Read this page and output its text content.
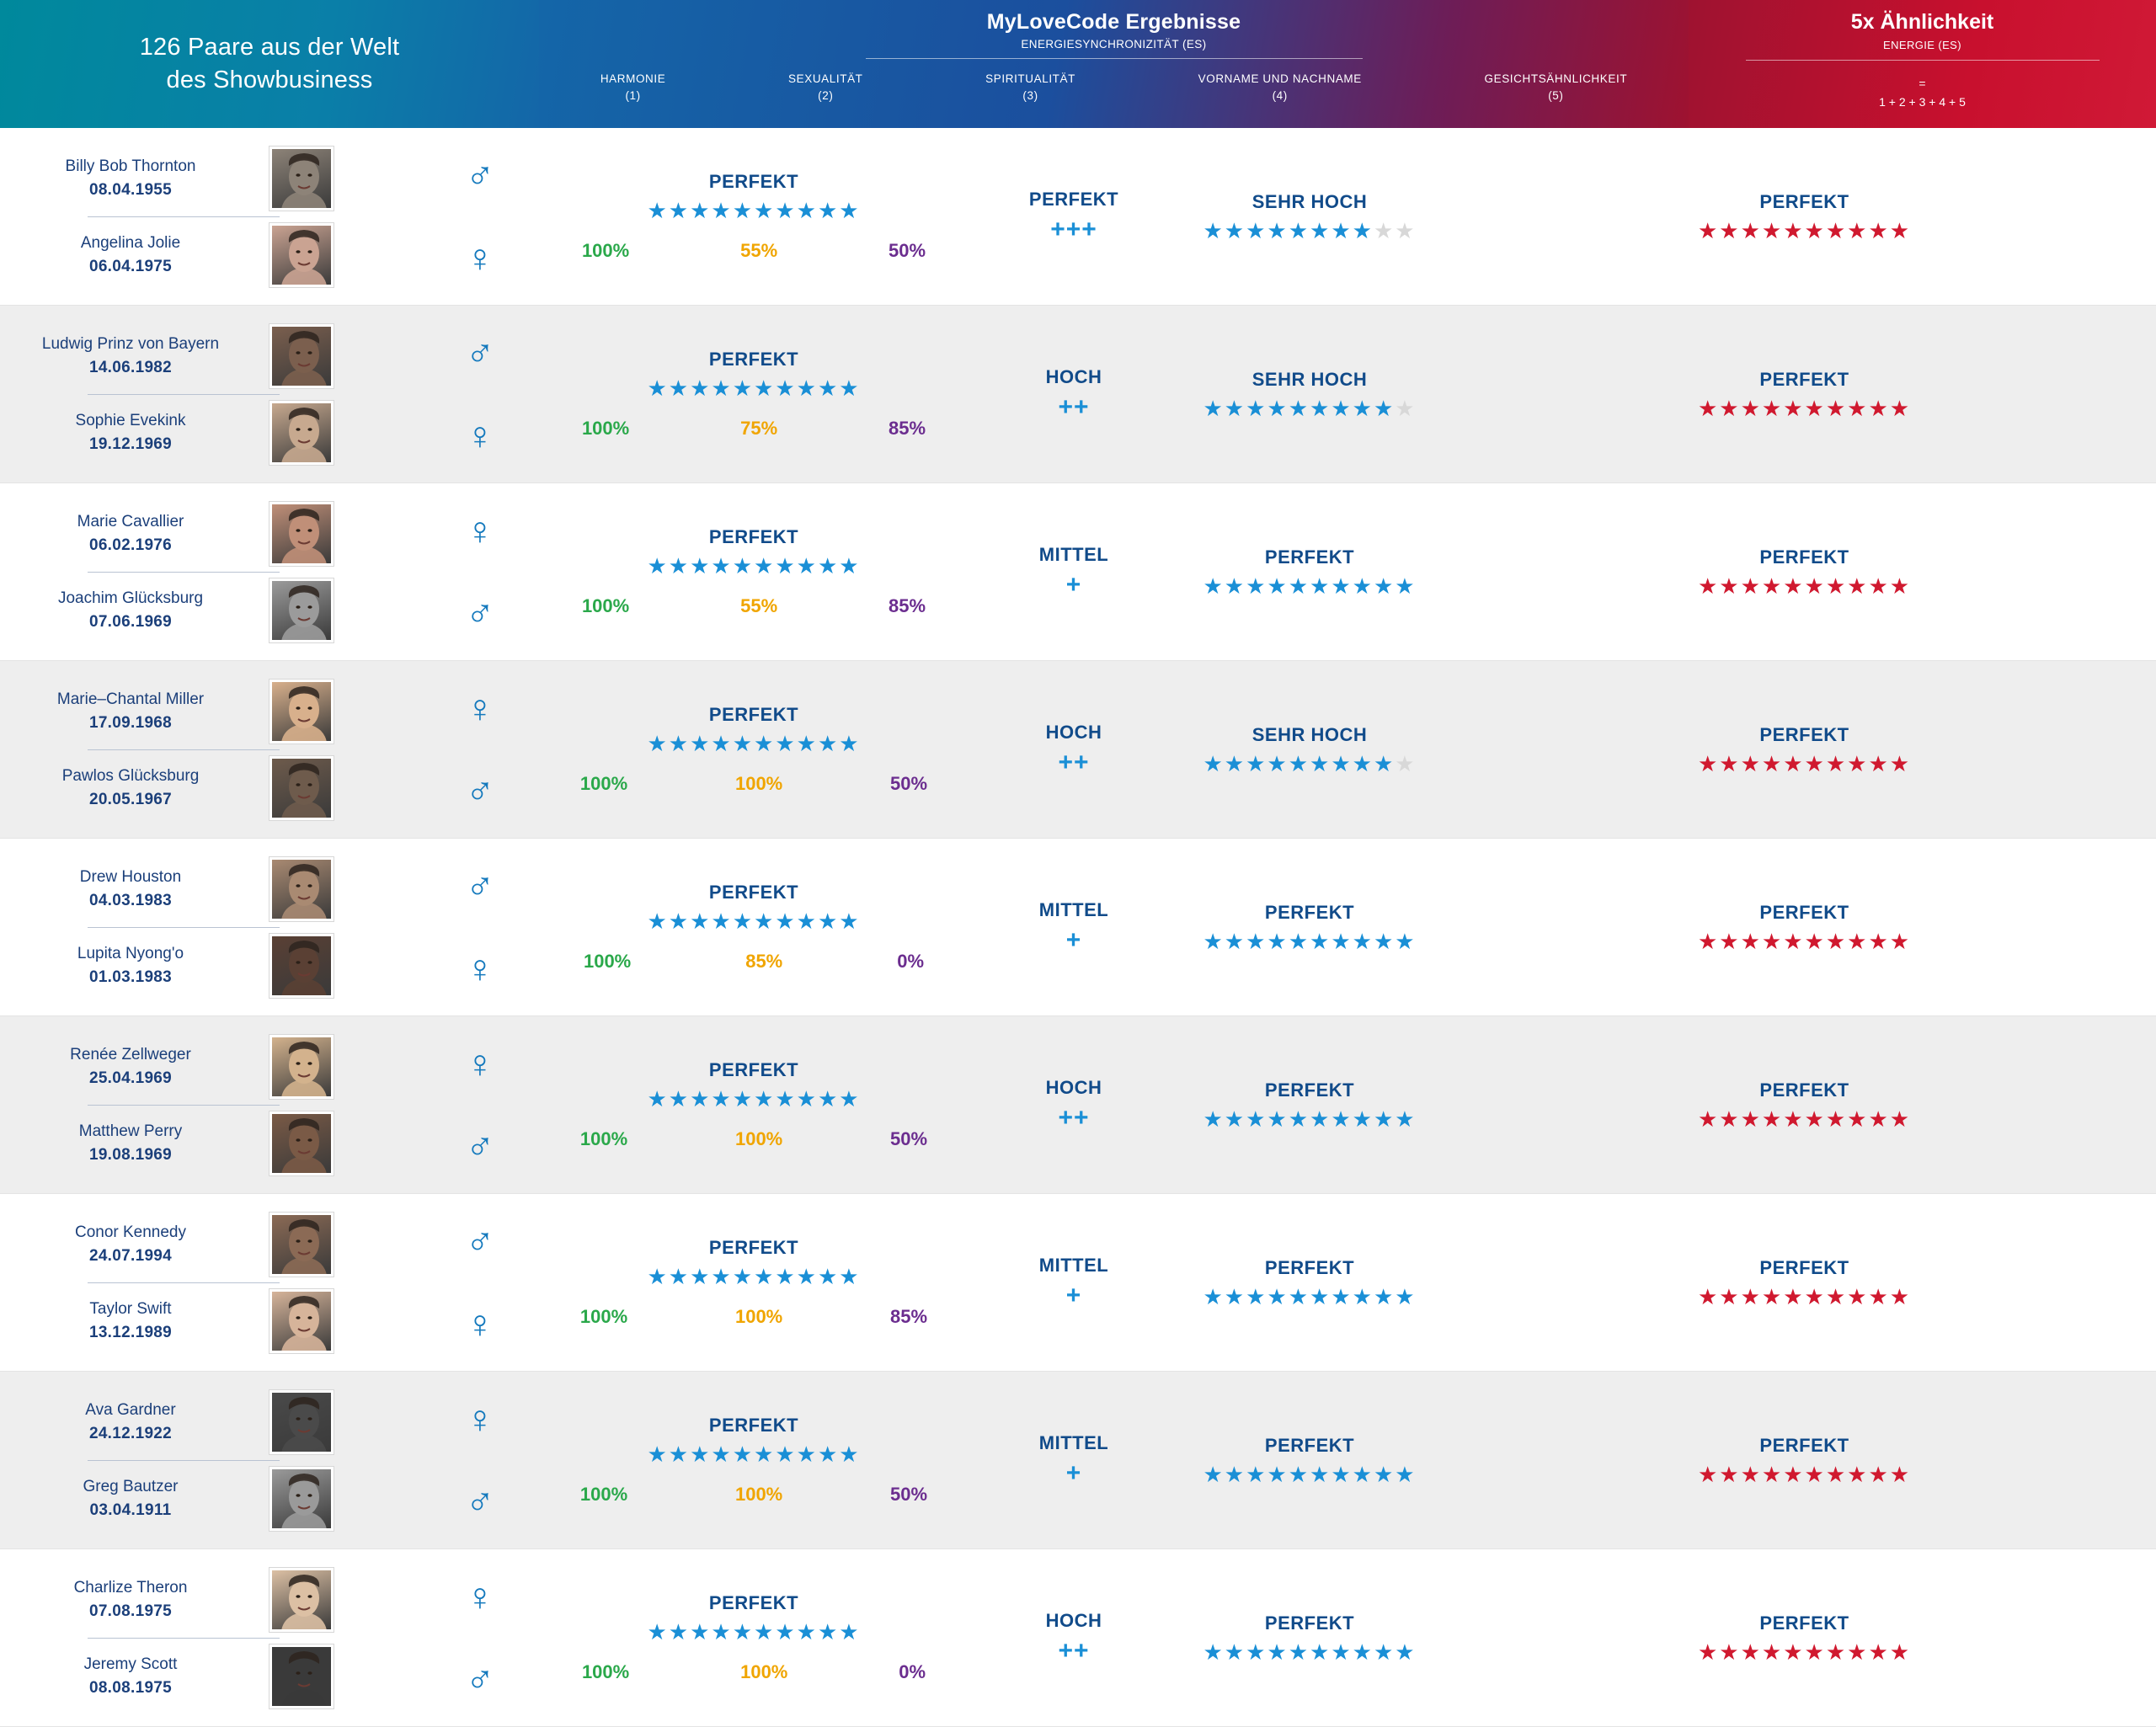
126 Paare aus der Welt
des Showbusiness
MyLoveCode Ergebnisse
ENERGIESYNCHRONIZITÄT (ES)
HARMONIE
(1)
SEXUALITÄT
(2)
SPIRITUALITÄT
(3)
VORNAME UND NACHNAME
(4)
GESICHTSÄHNLICHKEIT
(5)
5x Ähnlichkeit
ENERGIE (ES)
=
1 + 2 + 3 + 4 + 5
Billy Bob Thornton
08.04.1955
Angelina Jolie
06.04.1975
♂
♀
PERFEKT
★★★★★★★★★★
100%	55%	50%
PERFEKT
+++
SEHR HOCH
★★★★★★★★★★
PERFEKT
★★★★★★★★★★
Ludwig Prinz von Bayern
14.06.1982
Sophie Evekink
19.12.1969
♂
♀
PERFEKT
★★★★★★★★★★
100%	75%	85%
HOCH
++
SEHR HOCH
★★★★★★★★★★
PERFEKT
★★★★★★★★★★
Marie Cavallier
06.02.1976
Joachim Glücksburg
07.06.1969
♀
♂
PERFEKT
★★★★★★★★★★
100%	55%	85%
MITTEL
+
PERFEKT
★★★★★★★★★★
PERFEKT
★★★★★★★★★★
Marie–Chantal Miller
17.09.1968
Pawlos Glücksburg
20.05.1967
♀
♂
PERFEKT
★★★★★★★★★★
100%	100%	50%
HOCH
++
SEHR HOCH
★★★★★★★★★★
PERFEKT
★★★★★★★★★★
Drew Houston
04.03.1983
Lupita Nyong'o
01.03.1983
♂
♀
PERFEKT
★★★★★★★★★★
100%	85%	0%
MITTEL
+
PERFEKT
★★★★★★★★★★
PERFEKT
★★★★★★★★★★
Renée Zellweger
25.04.1969
Matthew Perry
19.08.1969
♀
♂
PERFEKT
★★★★★★★★★★
100%	100%	50%
HOCH
++
PERFEKT
★★★★★★★★★★
PERFEKT
★★★★★★★★★★
Conor Kennedy
24.07.1994
Taylor Swift
13.12.1989
♂
♀
PERFEKT
★★★★★★★★★★
100%	100%	85%
MITTEL
+
PERFEKT
★★★★★★★★★★
PERFEKT
★★★★★★★★★★
Ava Gardner
24.12.1922
Greg Bautzer
03.04.1911
♀
♂
PERFEKT
★★★★★★★★★★
100%	100%	50%
MITTEL
+
PERFEKT
★★★★★★★★★★
PERFEKT
★★★★★★★★★★
Charlize Theron
07.08.1975
Jeremy Scott
08.08.1975
♀
♂
PERFEKT
★★★★★★★★★★
100%	100%	0%
HOCH
++
PERFEKT
★★★★★★★★★★
PERFEKT
★★★★★★★★★★
